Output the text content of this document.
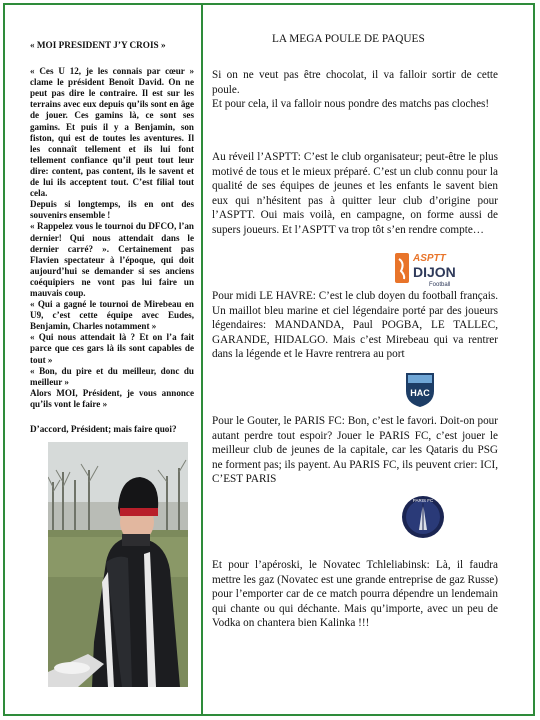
« MOI PRESIDENT J’Y CROIS »

« Ces U 12, je les connais par cœur » clame le président Benoît David. On ne peut pas dire le contraire. Il est sur les terrains avec eux depuis qu’ils sont en âge de jouer. Ces gamins là, ce sont ses gamins. Et puis il y a Benjamin, son fiston, qui est de toutes les aventures. Il les connaît tellement et ils lui font tellement confiance qu’il peut tout leur dire: content, pas content, ils le savent et de lui ils acceptent tout. C’est filial tout cela.

Depuis si longtemps, ils en ont des souvenirs ensemble !

« Rappelez vous le tournoi du DFCO, l’an dernier! Qui nous attendait dans le dernier carré? ». Certainement pas Flavien spectateur à l’époque, qui doit aujourd’hui se demander si ses anciens coéquipiers ne vont pas lui faire un mauvais coup.

« Qui a gagné le tournoi de Mirebeau en U9, c’est cette équipe avec Eudes, Benjamin, Charles notamment »

« Qui nous attendait là ? Et on l’a fait parce que ces gars là ils sont capables de tout »

« Bon, du pire et du meilleur, donc du meilleur »

Alors MOI, Président, je vous annonce qu’ils vont le faire »

D’accord, Président; mais faire quoi?
LA MEGA POULE DE PAQUES

Si on ne veut pas être chocolat, il va falloir sortir de cette poule.
Et pour cela, il va falloir nous pondre des matchs pas cloches!

Au réveil l’ASPTT: C’est le club organisateur; peut-être le plus motivé de tous et le mieux préparé. C’est un club connu pour la qualité de ses équipes de jeunes et les enfants le savent bien eux qui n’hésitent pas à quitter leur club d’origine pour l’ASPTT. Oui mais voilà, en campagne, on forme aussi de supers joueurs. Et l’ASPTT va trop tôt s’en rendre compte…

Pour midi LE HAVRE: C’est le club doyen du football français. Un maillot bleu marine et ciel légendaire porté par des joueurs légendaires: MANDANDA, Paul POGBA, LE TALLEC, GARANDE, HIDALGO. Mais c’est Mirebeau qui va rentrer dans la légende et le Havre rentrera au port

Pour le Gouter, le PARIS FC: Bon, c’est le favori. Doit-on pour autant perdre tout espoir? Jouer le PARIS FC, c’est jouer le meilleur club de jeunes de la capitale, car les Qataris du PSG ne forment pas; ils payent. Au PARIS FC, ils peuvent crier: ICI, C’EST PARIS

Et pour l’apéroski, le Novatec Tchleliabinsk: Là, il faudra mettre les gaz (Novatec est une grande entreprise de gaz Russe) pour l’emporter car de ce match pourra dépendre un lendemain qui chante ou qui déchante. Mais qu’importe, avec un peu de Vodka on chantera bien Kalinka !!!

ASPTT
DIJON
Football
HAC
PARIS FC
